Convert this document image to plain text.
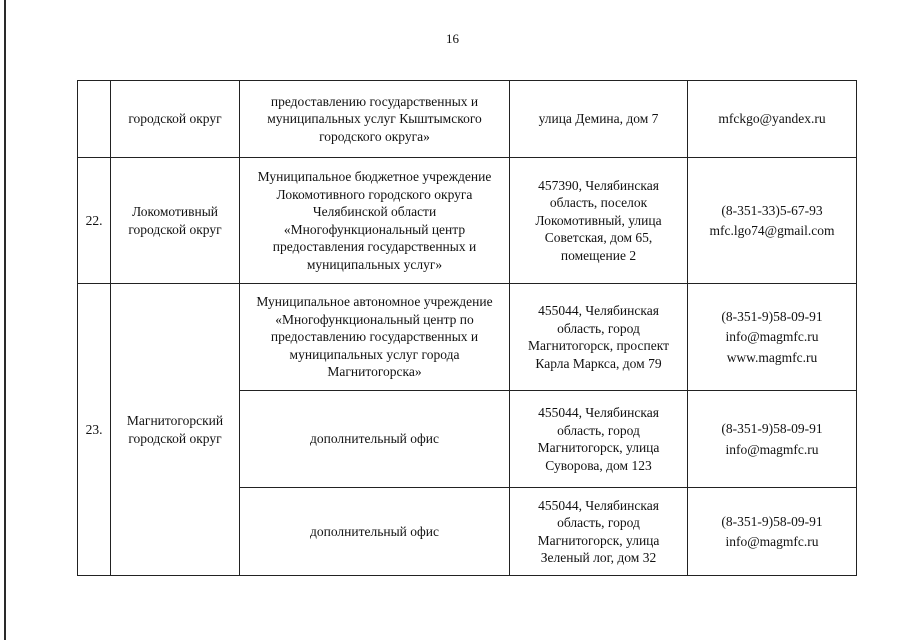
16
	городской округ	предоставлению государственных и муниципальных услуг Кыштымского городского округа»	улица Демина, дом 7	mfckgo@yandex.ru

22.	Локомотивный городской округ	Муниципальное бюджетное учреждение Локомотивного городского округа Челябинской области «Многофункциональный центр предоставления государственных и муниципальных услуг»	457390, Челябинская область, поселок Локомотивный, улица Советская, дом 65, помещение 2	(8-351-33)5-67-93
mfc.lgo74@gmail.com

23.	Магнитогорский городской округ	Муниципальное автономное учреждение «Многофункциональный центр по предоставлению государственных и муниципальных услуг города Магнитогорска»	455044, Челябинская область, город Магнитогорск, проспект Карла Маркса, дом 79	(8-351-9)58-09-91
info@magmfc.ru
www.magmfc.ru

		дополнительный офис	455044, Челябинская область, город Магнитогорск, улица Суворова, дом 123	(8-351-9)58-09-91
info@magmfc.ru

		дополнительный офис	455044, Челябинская область, город Магнитогорск, улица Зеленый лог, дом 32	(8-351-9)58-09-91
info@magmfc.ru
